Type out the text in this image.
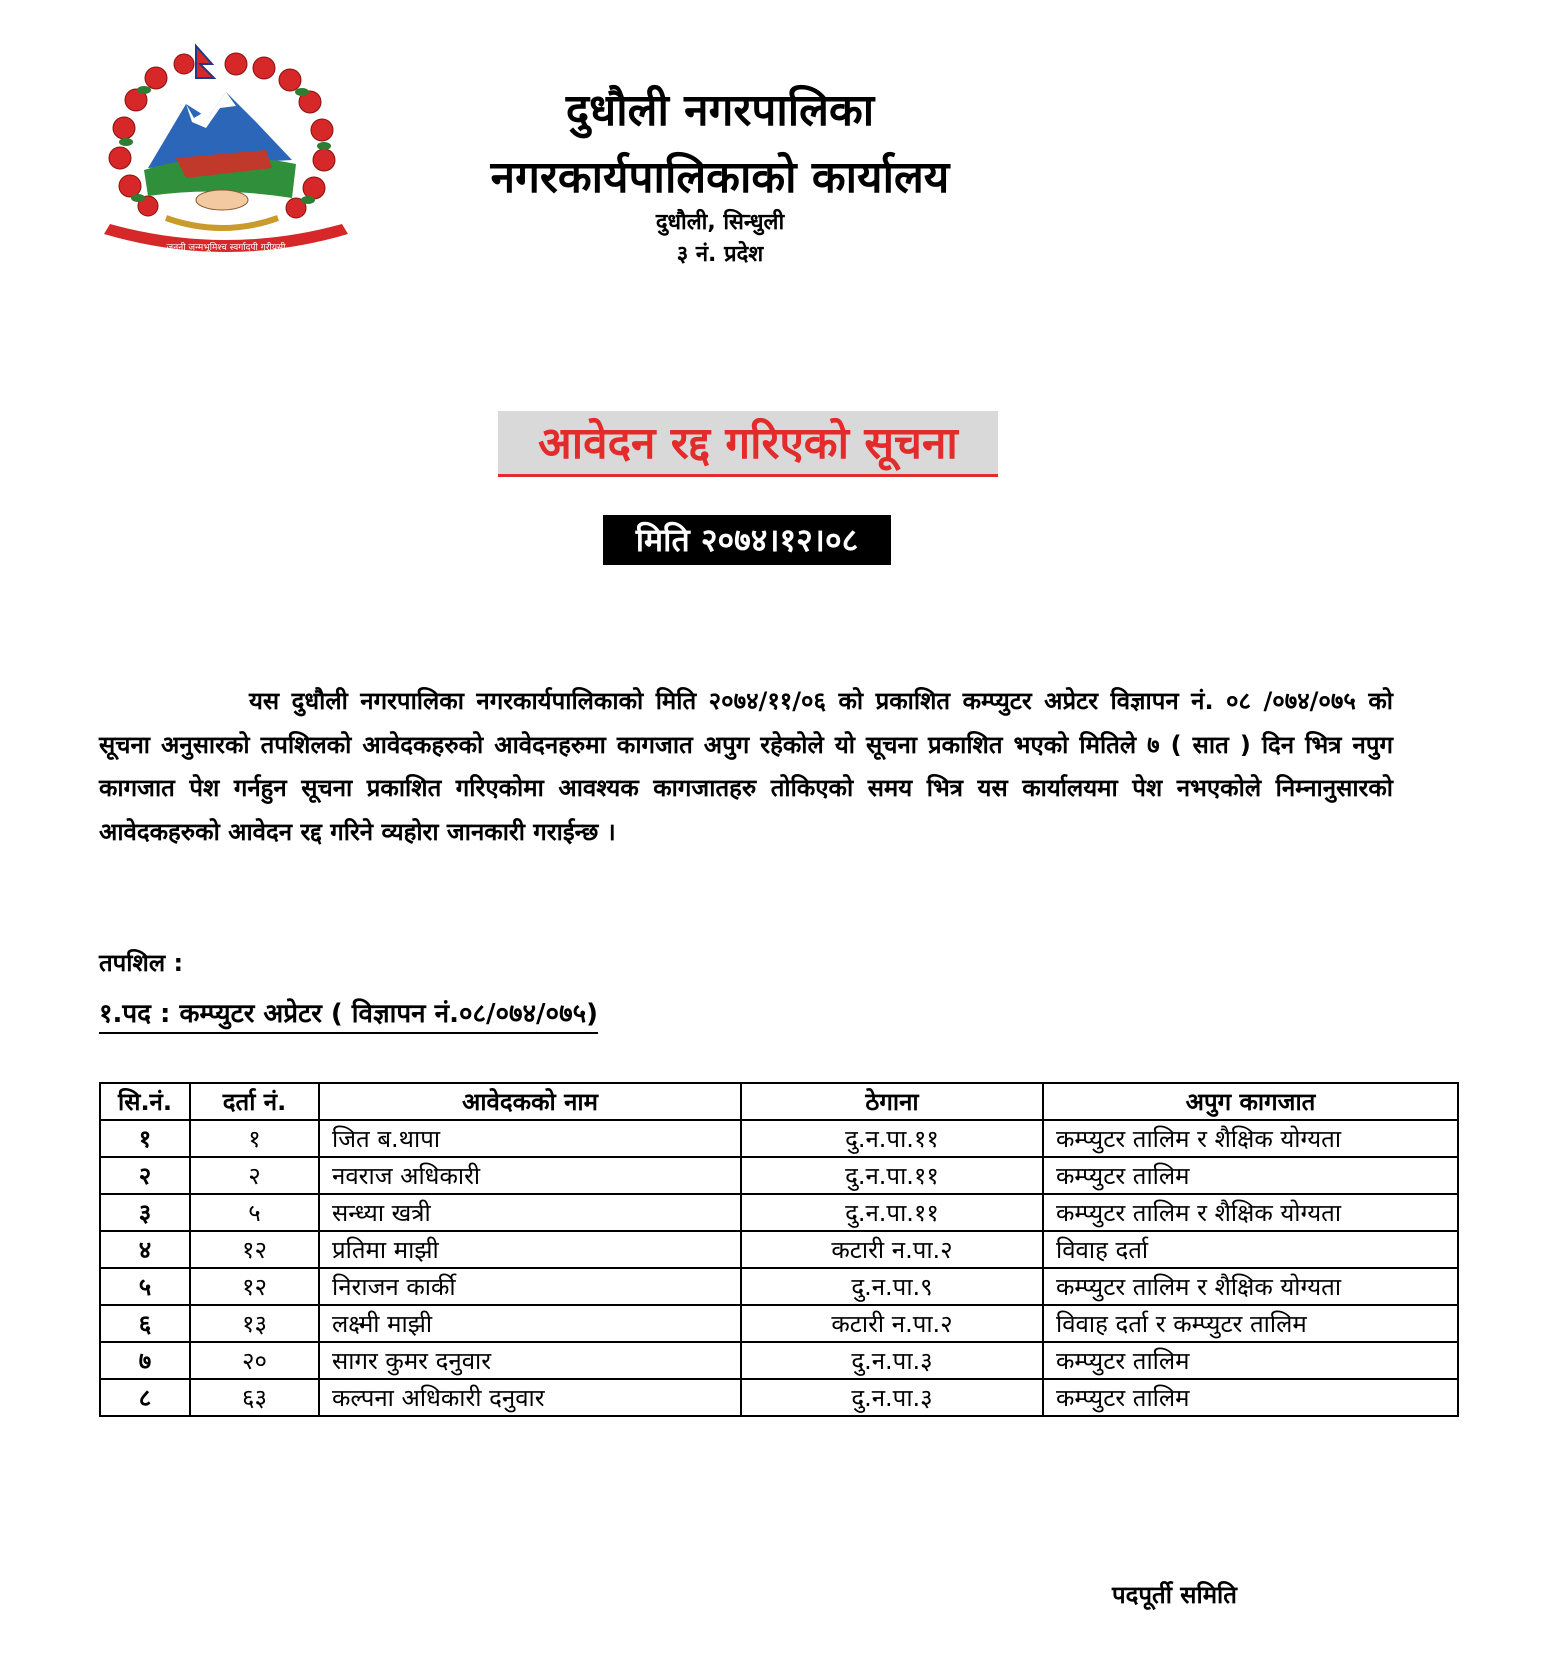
जननी जन्मभूमिश्च स्वर्गादपी गरीयसी
दुधौली नगरपालिका
नगरकार्यपालिकाको कार्यालय
दुधौली, सिन्धुली
३ नं. प्रदेश
आवेदन रद्द गरिएको सूचना
मिति २०७४।१२।०८
यस दुधौली नगरपालिका नगरकार्यपालिकाको मिति २०७४/११/०६ को प्रकाशित कम्प्युटर अप्रेटर विज्ञापन नं. ०८ /०७४/०७५ को सूचना अनुसारको तपशिलको आवेदकहरुको आवेदनहरुमा कागजात अपुग रहेकोले यो सूचना प्रकाशित भएको मितिले ७ ( सात ) दिन भित्र नपुग कागजात पेश गर्नहुन सूचना प्रकाशित गरिएकोमा आवश्यक कागजातहरु तोकिएको समय भित्र यस कार्यालयमा पेश नभएकोले निम्नानुसारको आवेदकहरुको आवेदन रद्द गरिने व्यहोरा जानकारी गराईन्छ ।
तपशिल :
१.पद : कम्प्युटर अप्रेटर ( विज्ञापन नं.०८/०७४/०७५)
सि.नं.	दर्ता नं.	आवेदकको नाम	ठेगाना	अपुग कागजात
१	१	जित ब.थापा	दु.न.पा.११	कम्प्युटर तालिम र शैक्षिक योग्यता
२	२	नवराज अधिकारी	दु.न.पा.११	कम्प्युटर तालिम
३	५	सन्ध्या खत्री	दु.न.पा.११	कम्प्युटर तालिम र शैक्षिक योग्यता
४	१२	प्रतिमा माझी	कटारी न.पा.२	विवाह दर्ता
५	१२	निराजन कार्की	दु.न.पा.९	कम्प्युटर तालिम र शैक्षिक योग्यता
६	१३	लक्ष्मी माझी	कटारी न.पा.२	विवाह दर्ता र कम्प्युटर तालिम
७	२०	सागर कुमर दनुवार	दु.न.पा.३	कम्प्युटर तालिम
८	६३	कल्पना अधिकारी दनुवार	दु.न.पा.३	कम्प्युटर तालिम
पदपूर्ती समिति
